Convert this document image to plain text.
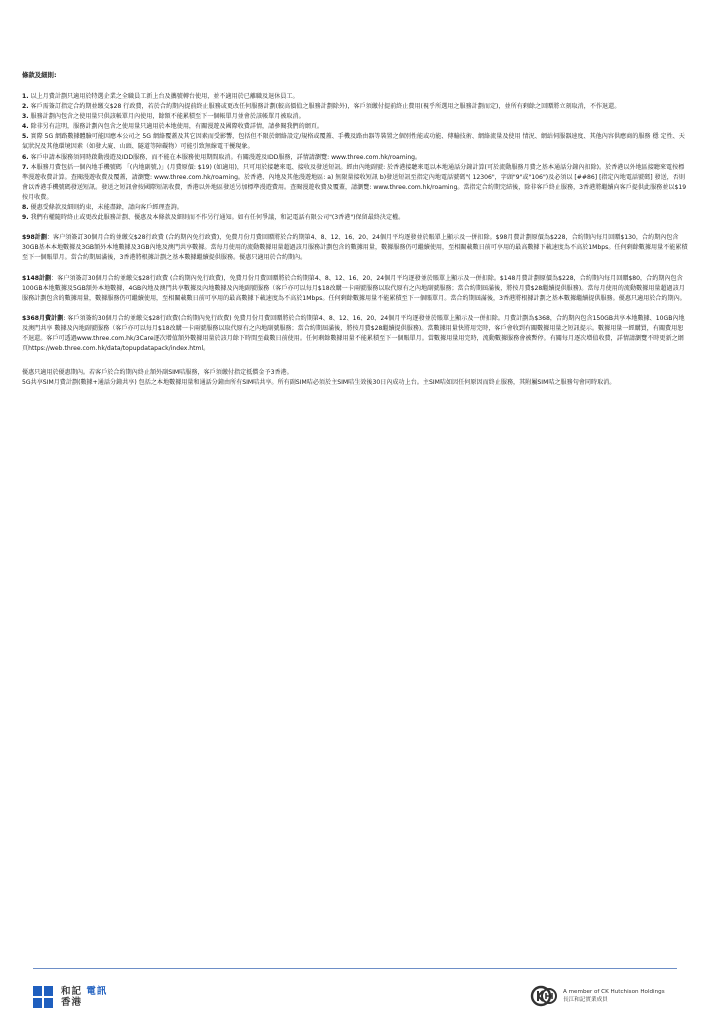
條款及細則:

1. 以上月費計劃只適用於特選企業之全職員工新上台及攜號轉台使用，並不適用於已離職及退休員工。
2. 客戶需簽訂指定合約期並繳交$28 行政費，若於合約期內提前終止服務或更改任何服務計劃(較高價值之服務計劃除外)，客戶須繳付提前終止費用(視乎所選用之服務計劃而定)，並所有剩餘之回贈將立刻取消，不作退還。
3. 服務計劃內包含之使用量只供該帳單月內使用，餘額不能累積至下一個帳單月並會於該帳單月被取消。
4. 除非另有註明，服務計劃內包含之使用量只適用於本地使用，有關漫遊及國際收費詳情，請參閱我們的網頁。
5. 實際 5G 網路數據體驗可能因應本公司之 5G 網絡覆蓋及其它因素而受影響，包括但不限於網絡設定/規格或覆蓋、手機及路由器等裝置之個別性能或功能、傳輸技術、網絡流量及使用 情況、網站伺服器速度、其他內容供應商的服務 穩 定性、天氣狀況及其他環境因素（如發大廈、山頭、隧道等障礙物）可能引致無線電干擾現象。
6. 客戶申請本服務須同時啟動漫遊及IDD服務，而不能在本服務使用期間取消。有關漫遊及IDD服務，詳情請瀏覽: www.three.com.hk/roaming。
7. 本服務月費包括一個內地手機號碼 「(内地副號,)」(月費原價: $19) (如適用)，只可用於接聽來電、接收及發送短訊。經由內地副號: 於香港接聽來電以本地通話分鐘計算(可於流動服務月費之基本通話分鐘內扣除)。於香港以外地區接聽來電按標準漫遊收費計算。查閱漫遊收費及覆蓋，請瀏覽: www.three.com.hk/roaming。於香港、內地及其他漫遊地區: a) 無限量接收短訊 b)發送短訊至指定內地電話號碼"( 12306"，字頭"9"或"106")及必須以 [##86] [指定內地電話號碼] 發送，否則會以香港手機號碼發送短訊。發送之短訊會按國際短訊收費，香港以外地區發送另加標準漫遊費用。查閱漫遊收費及覆蓋，請瀏覽: www.three.com.hk/roaming。當指定合約期完結後，除非客戶終止服務，3香港將繼續向客戶提供此服務並以$19 按月收費。
8. 優惠受條款及細則約束，未能盡錄，請向客戶經理查詢。
9. 我們有權隨時終止或更改此服務計劃、優惠及本條款及細則而不作另行通知。如有任何爭議，和記電話有限公司"(3香港")保留最終決定權。

$98計劃：客户須簽訂30個月合約並繳交$28行政費 (合約期內免行政費)，免費月份月費回贈將於合約期第4、8、12、16、20、24個月平均逐發並於賬單上顯示及一併扣除。$98月費計劃原價為$228，合約期內每月回贈$130，合約期內包含30GB基本本地數據及3GB額外本地數據及3GB內地及澳門共享數據。當每月使用的流動數據用量超過該月服務計劃包含的數據用量，數據服務仍可繼續使用，至相關載數日前可享用的最高數據下載速度為不高於1Mbps。任何剩餘數據用量不能累積至下一個賬單月。當合約期屆滿後，3香港將根據計劃之基本數據繼續提供服務。優惠只適用於合約期內。

$148計劃：客户須簽訂30個月合約並繳交$28行政費 (合約期內免行政費)，免費月份月費回贈將於合約期第4、8、12、16、20、24個月平均逐發並於賬單上顯示及一併扣除。$148月費計劃原價為$228，合約期內每月回贈$80，合約期內包含100GB本地數據及5GB額外本地數據，4GB內地及澳門共享數據及內地數據及內地副號服務（客戶亦可以每月$18改購一卡兩號服務以取代原有之內地副號服務；當合約期屆滿後，將按月費$28繼續提供服務)。當每月使用的流動數據用量超過該月服務計劃包含的數據用量，數據服務仍可繼續使用，至相關載數日前可享用的最高數據下載速度為不高於1Mbps。任何剩餘數據用量不能累積至下一個賬單月。當合約期屆滿後，3香港將根據計劃之基本數據繼續提供服務。優惠只適用於合約期內。

$368月費計劃: 客戶須簽約30個月合約並繳交$28行政費(合約期內免行政費) 免費月份月費回贈將於合約期第4、8、12、16、20、24個月平均逐發並於賬單上顯示及一併扣除。月費計劃為$368，合約期內包含150GB共享本地數據、10GB內地及澳門共享 數據及內地副號服務（客戶亦可以每月$18改購一卡兩號服務以取代原有之內地副號服務；當合約期屆滿後，將按月費$28繼續提供服務)。當數據用量快將用完時，客戶會收到有關數據用量之短訊提示。數據用量一經購買，有關費用恕不退還。客戶可透過www.three.com.hk/3Care逐次增值額外數據用量於該月餘下時間至截數日前使用。任何剩餘數據用量不能累積至下一個賬單月。當數據用量用完時，流動數據服務會被暫停。有關每月逐次增值收費，詳情請瀏覽不時更新之網頁https://web.three.com.hk/data/topupdatapack/index.html。

優惠只適用於優惠期內。若客戶於合約期內終止額外副SIM咭服務，客戶須繳付指定抵償金予3香港。

5G共享SIM月費計劃(數據+通話分鐘共享) 包括之本地數據用量和通話分鐘由所有SIM咭共享。所有副SIM咭必須於主SIM咭生效後30日內成功上台。主SIM咭如因任何原因而終止服務，其附屬SIM咭之服務句會同時取消。

和記 電訊
香港
A member of CK Hutchison Holdings
長江和記實業成員
